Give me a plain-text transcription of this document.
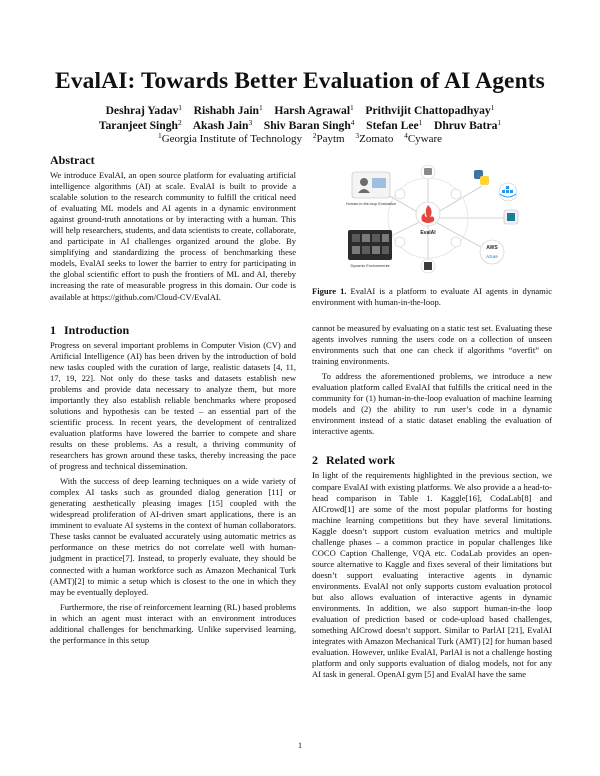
EvalAI: Towards Better Evaluation of AI Agents
Deshraj Yadav$^1$ Rishabh Jain$^1$ Harsh Agrawal$^1$ Prithvijit Chattopadhyay$^1$
Taranjeet Singh$^2$ Akash Jain$^3$ Shiv Baran Singh$^4$ Stefan Lee$^1$ Dhruv Batra$^1$
$^1$Georgia Institute of Technology $^2$Paytm $^3$Zomato $^4$Cyware
Abstract

We introduce EvalAI, an open source platform for evaluating artificial intelligence algorithms (AI) at scale. EvalAI is built to provide a scalable solution to the research community to fulfill the critical need of evaluating ML models and AI agents in a dynamic environment against ground-truth annotations or by interacting with a human. This will help researchers, students, and data scientists to create, collaborate, and participate in AI challenges organized around the globe. By simplifying and standardizing the process of benchmarking these models, EvalAI seeks to lower the barrier to entry for participating in the global scientific effort to push the frontiers of ML and AI, thereby increasing the rate of measurable progress in this domain. Our code is available at https://github.com/Cloud-CV/EvalAI.

1 Introduction

Progress on several important problems in Computer Vision (CV) and Artificial Intelligence (AI) has been driven by the introduction of bold new tasks coupled with the curation of large, realistic datasets [4, 11, 17, 19, 22]. Not only do these tasks and datasets establish new problems and provide data necessary to analyze them, but more importantly they also establish reliable benchmarks where proposed solutions and hypothesis can be tested – an essential part of the scientific process. In recent years, the development of centralized evaluation platforms have lowered the barrier to compete and share results on these problems. As a result, a thriving community of researchers has grown around these tasks, thereby increasing the pace of progress and technical dissemination.

With the success of deep learning techniques on a wide variety of complex AI tasks such as grounded dialog generation [11] or generating aesthetically pleasing images [15] coupled with the widespread proliferation of AI-driven smart applications, there is an imminent to evaluate AI systems in the context of human collaborators. These tasks cannot be evaluated accurately using automatic metrics as performance on these metrics do not correlate well with human-judgment in practice[7]. Instead, to properly evaluate, they should be connected with a human workforce such as Amazon Mechanical Turk (AMT)[2] to mimic a setup which is closest to the one in which they may be eventually deployed.

Furthermore, the rise of reinforcement learning (RL) based problems in which an agent must interact with an environment introduces additional challenges for benchmarking. Unlike supervised learning, the performance in this setup

Human-in-the-loop Evaluation
Dynamic Environments
EvalAI
AWS
Azure

Figure 1. EvalAI is a platform to evaluate AI agents in dynamic environment with human-in-the-loop.

cannot be measured by evaluating on a static test set. Evaluating these agents involves running the users code on a collection of unseen environments such that one can check if algorithms “overfit” on training environments.

To address the aforementioned problems, we introduce a new evaluation platform called EvalAI that fulfills the critical need in the community for (1) human-in-the-loop evaluation of machine learning models and (2) the ability to run user’s code in a dynamic environment instead of a static dataset enabling the evaluation of interactive agents.

2 Related work

In light of the requirements highlighted in the previous section, we compare EvalAI with existing platforms. We also provide a a head-to-head comparison in Table 1. Kaggle[16], CodaLab[8] and AICrowd[1] are some of the most popular platforms for hosting machine learning competitions but they have several limitations. Kaggle doesn’t support custom evaluation metrics and multiple challenge phases – a common practice in popular challenges like COCO Caption Challenge, VQA etc. CodaLab provides an open-source alternative to Kaggle and fixes several of their limitations but doesn’t support evaluating interactive agents in dynamic environments. EvalAI not only supports custom evaluation protocol but also allows evaluation of interactive agents in dynamic environments. In addition, we also support human-in-the loop evaluation of prediction based or code-upload based challenges, something AICrowd doesn’t support. Similar to ParlAI [21], EvalAI integrates with Amazon Mechanical Turk (AMT) [2] for human based evaluation. However, unlike EvalAI, ParlAI is not a challenge hosting platform and only supports evaluation of dialog models, not for any AI task in general. OpenAI gym [5] and EvalAI have the same

1
